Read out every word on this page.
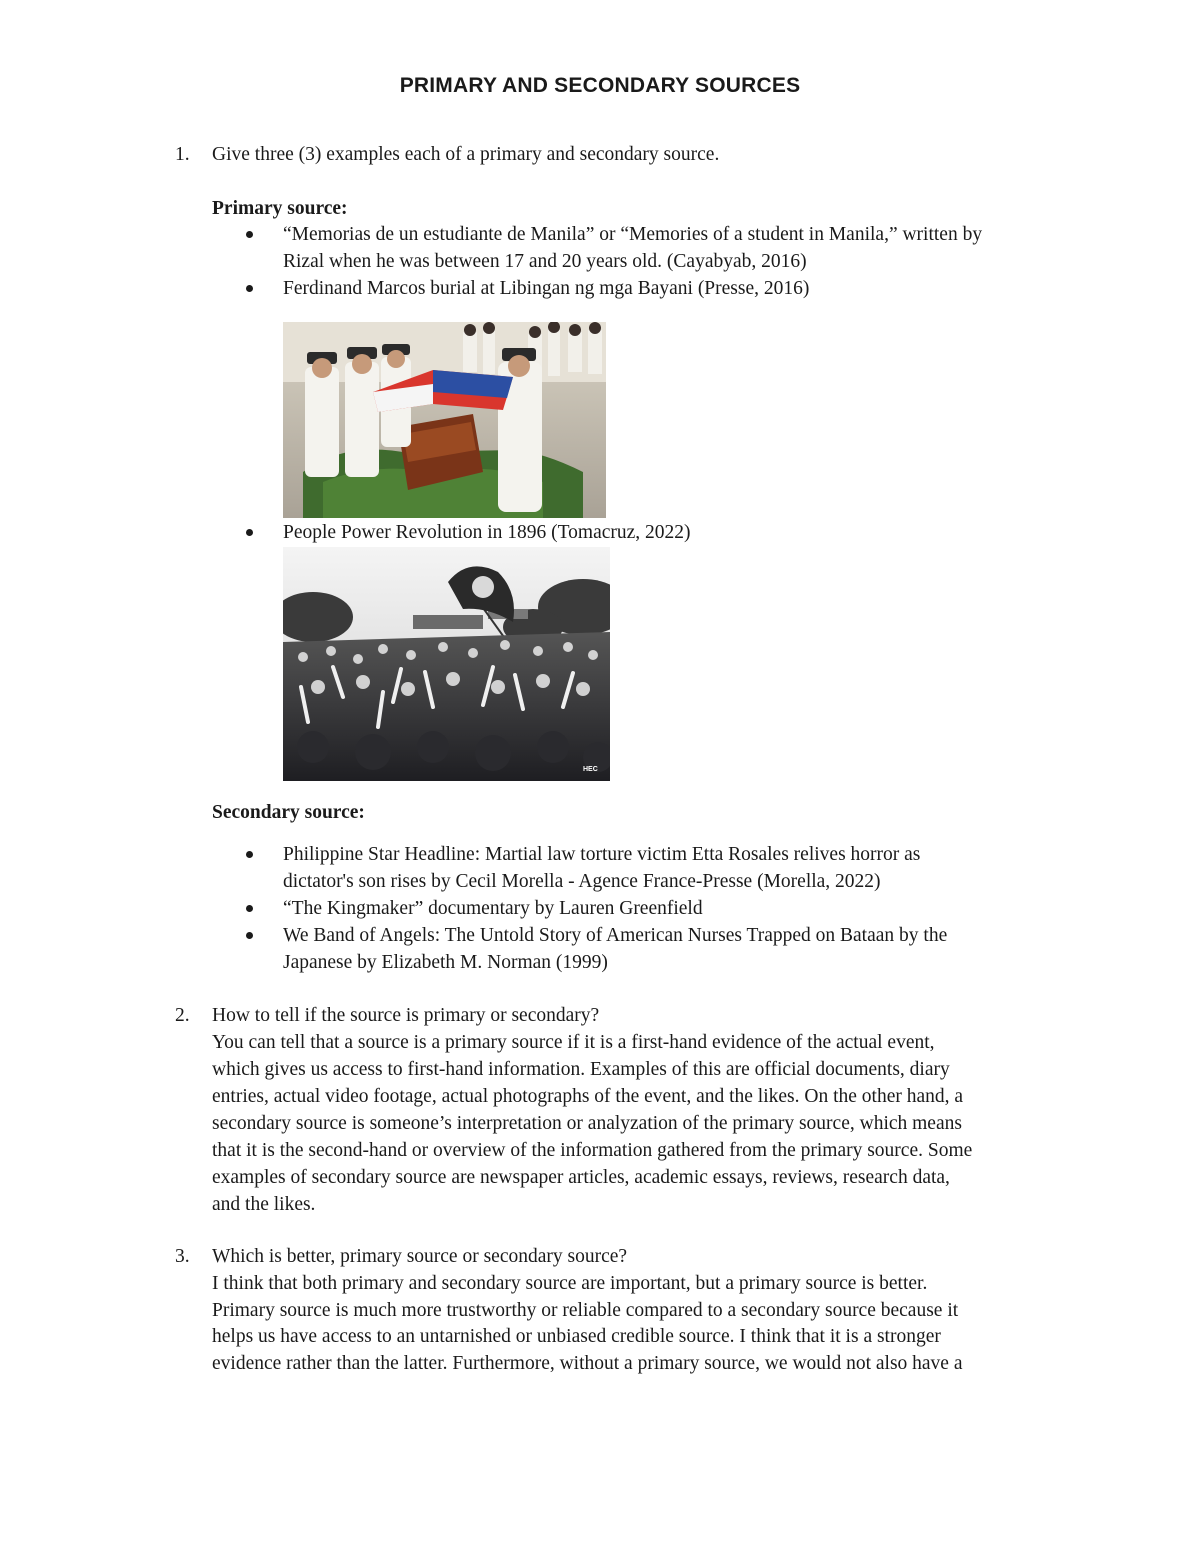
PRIMARY AND SECONDARY SOURCES
1. Give three (3) examples each of a primary and secondary source.
Primary source:
“Memorias de un estudiante de Manila” or “Memories of a student in Manila,” written by
Rizal when he was between 17 and 20 years old. (Cayabyab, 2016)
Ferdinand Marcos burial at Libingan ng mga Bayani (Presse, 2016)
People Power Revolution in 1896 (Tomacruz, 2022)
HEC
Secondary source:
Philippine Star Headline: Martial law torture victim Etta Rosales relives horror as
dictator's son rises by Cecil Morella - Agence France-Presse (Morella, 2022)
“The Kingmaker” documentary by Lauren Greenfield
We Band of Angels: The Untold Story of American Nurses Trapped on Bataan by the
Japanese by Elizabeth M. Norman (1999)
2. How to tell if the source is primary or secondary?
You can tell that a source is a primary source if it is a first-hand evidence of the actual event,
which gives us access to first-hand information. Examples of this are official documents, diary
entries, actual video footage, actual photographs of the event, and the likes. On the other hand, a
secondary source is someone’s interpretation or analyzation of the primary source, which means
that it is the second-hand or overview of the information gathered from the primary source. Some
examples of secondary source are newspaper articles, academic essays, reviews, research data,
and the likes.
3. Which is better, primary source or secondary source?
I think that both primary and secondary source are important, but a primary source is better.
Primary source is much more trustworthy or reliable compared to a secondary source because it
helps us have access to an untarnished or unbiased credible source. I think that it is a stronger
evidence rather than the latter. Furthermore, without a primary source, we would not also have a
